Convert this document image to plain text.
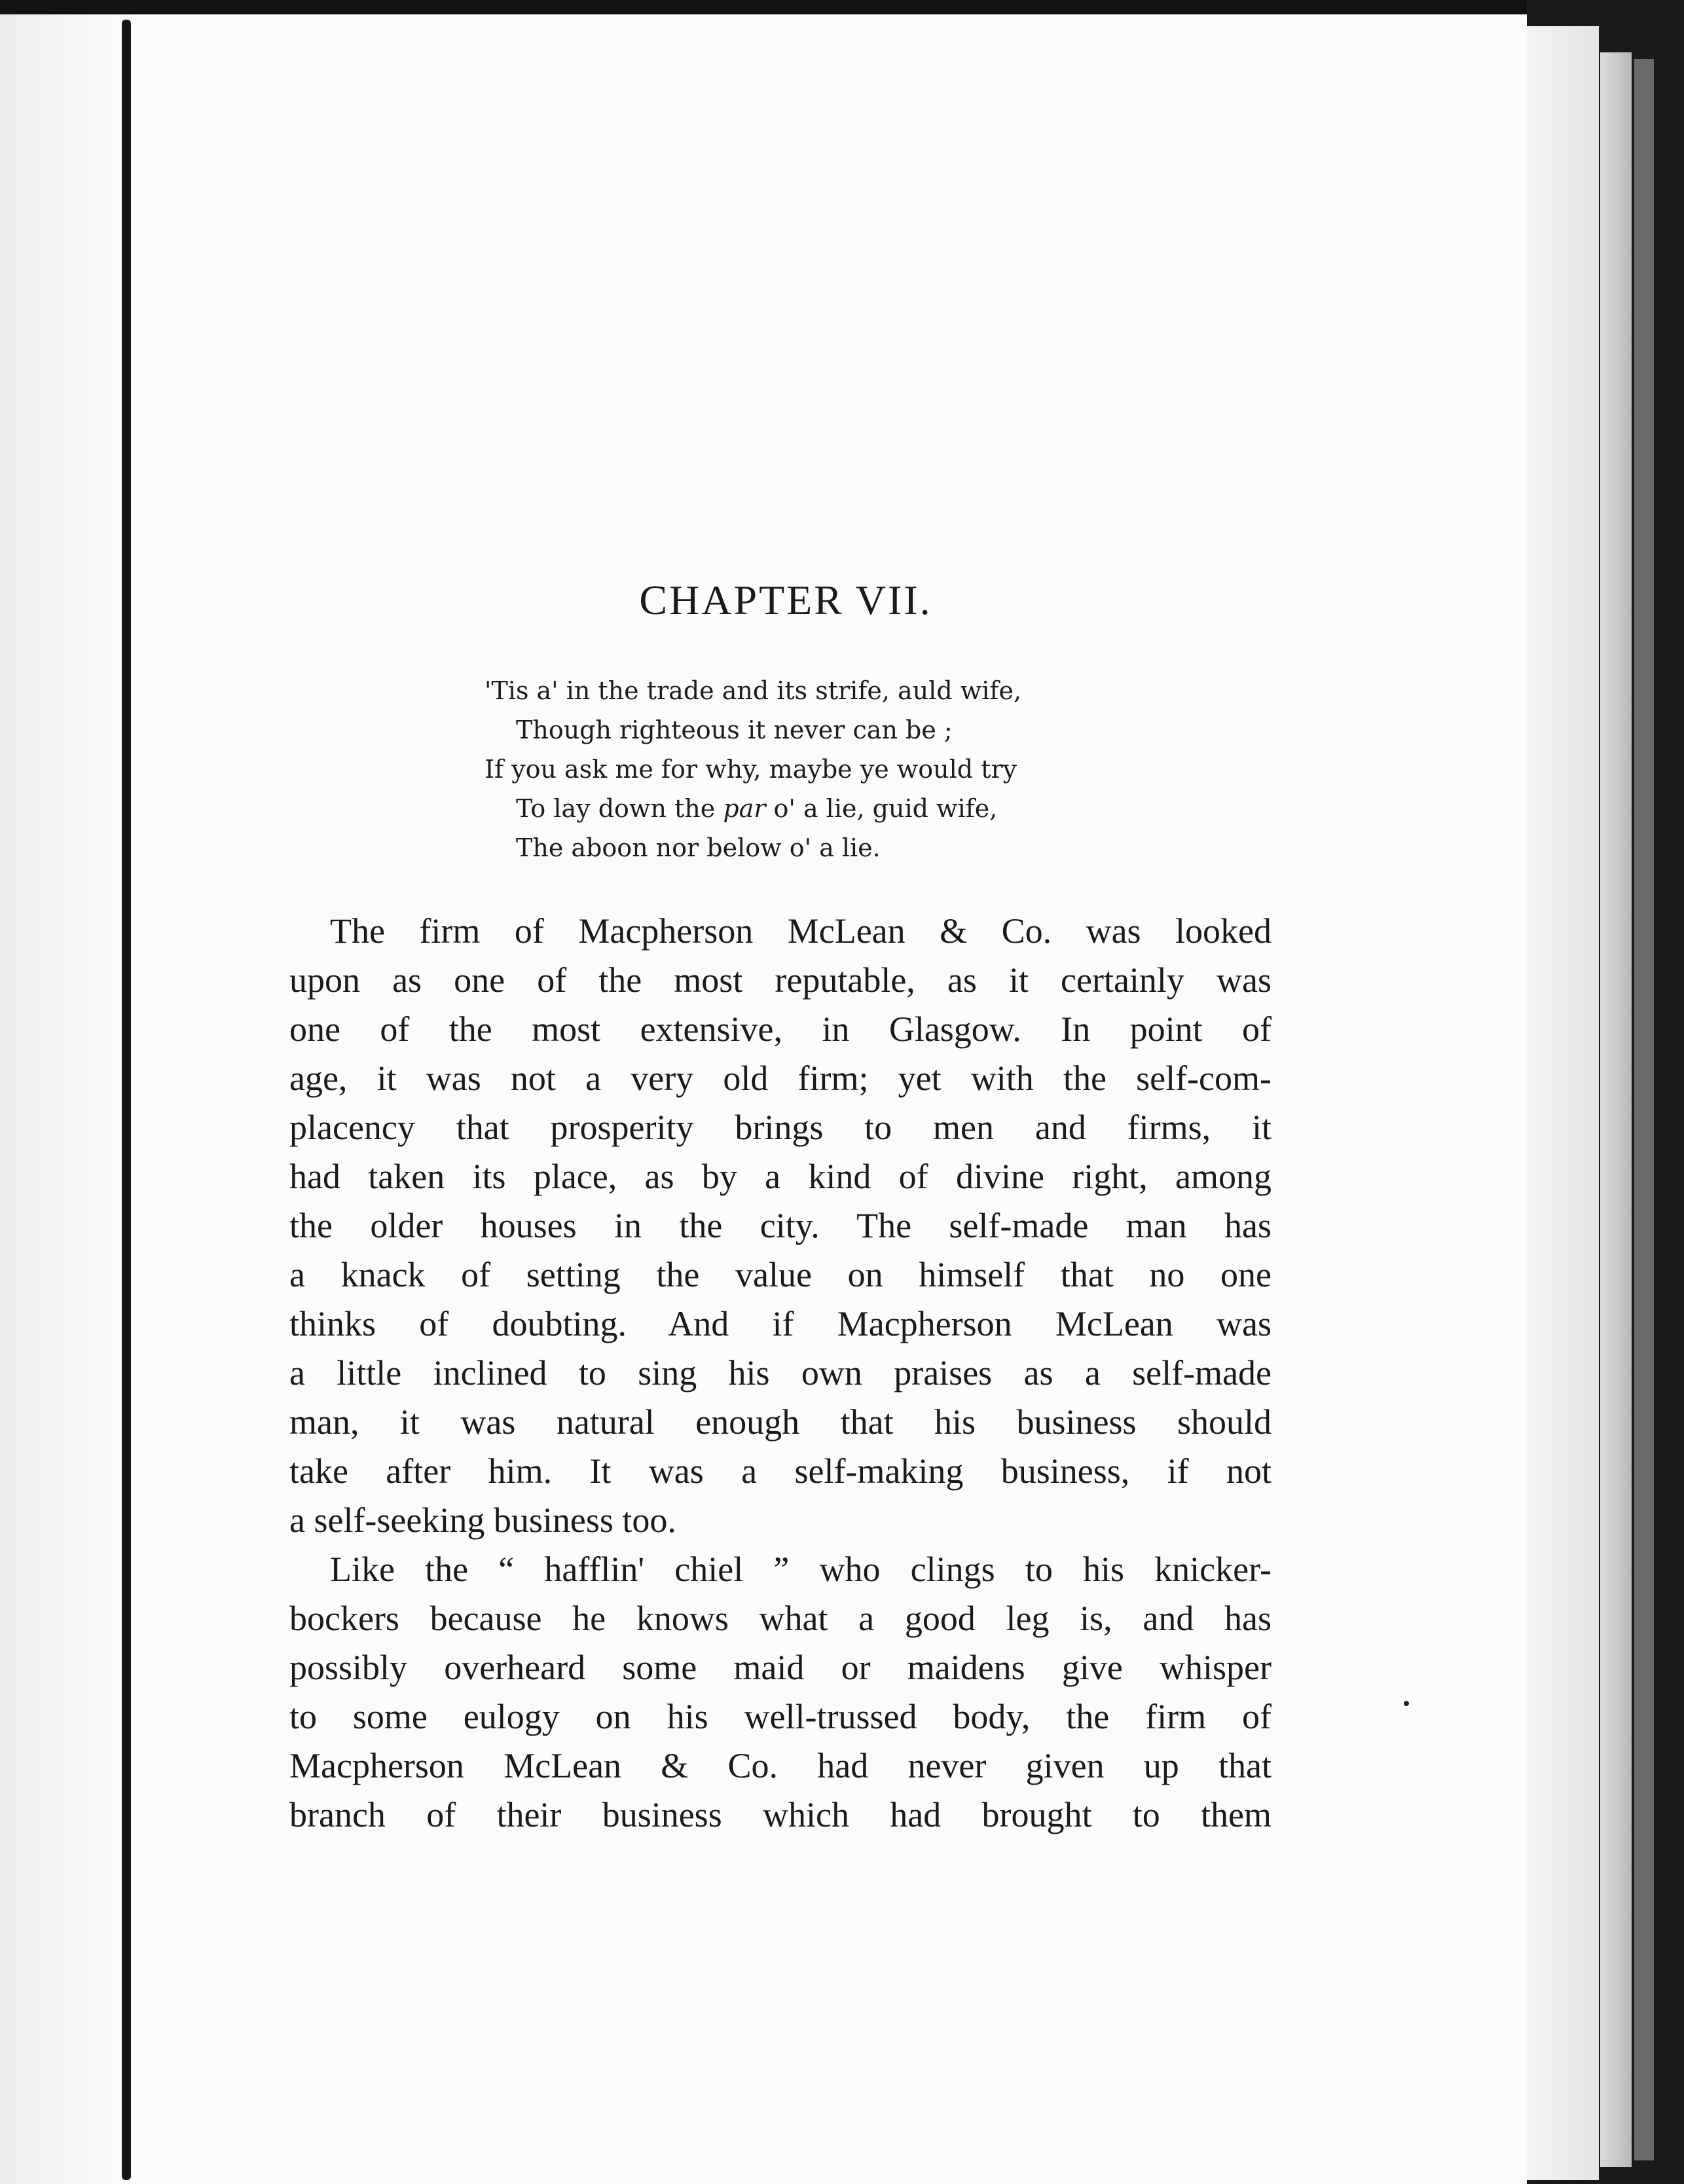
CHAPTER VII.
'Tis a' in the trade and its strife, auld wife,
Though righteous it never can be ;
If you ask me for why, maybe ye would try
To lay down the par o' a lie, guid wife,
The aboon nor below o' a lie.
The firm of Macpherson McLean & Co. was looked
upon as one of the most reputable, as it certainly was
one of the most extensive, in Glasgow. In point of
age, it was not a very old firm; yet with the self-com-
placency that prosperity brings to men and firms, it
had taken its place, as by a kind of divine right, among
the older houses in the city. The self-made man has
a knack of setting the value on himself that no one
thinks of doubting. And if Macpherson McLean was
a little inclined to sing his own praises as a self-made
man, it was natural enough that his business should
take after him. It was a self-making business, if not
a self-seeking business too.
Like the “ hafflin' chiel ” who clings to his knicker-
bockers because he knows what a good leg is, and has
possibly overheard some maid or maidens give whisper
to some eulogy on his well-trussed body, the firm of
Macpherson McLean & Co. had never given up that
branch of their business which had brought to them
